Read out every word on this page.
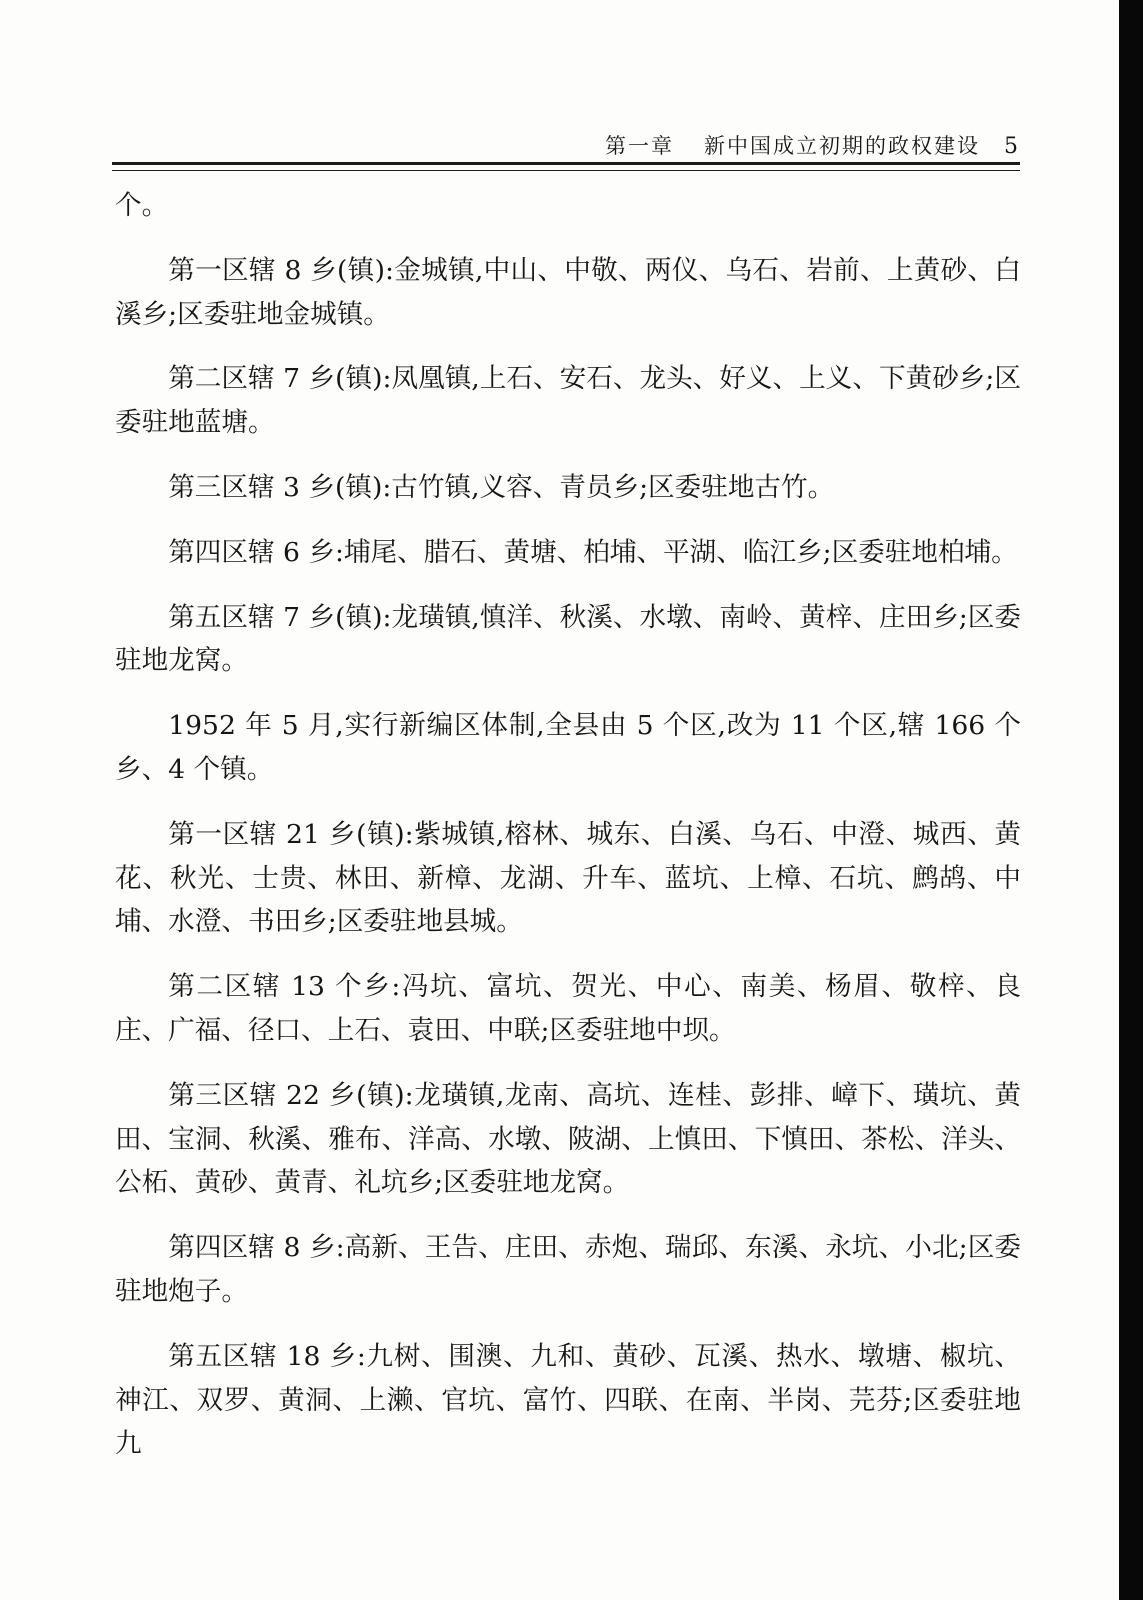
第一章 新中国成立初期的政权建设 5

个。

第一区辖 8 乡(镇):金城镇,中山、中敬、两仪、乌石、岩前、上黄砂、白溪乡;区委驻地金城镇。

第二区辖 7 乡(镇):凤凰镇,上石、安石、龙头、好义、上义、下黄砂乡;区委驻地蓝塘。

第三区辖 3 乡(镇):古竹镇,义容、青员乡;区委驻地古竹。

第四区辖 6 乡:埔尾、腊石、黄塘、柏埔、平湖、临江乡;区委驻地柏埔。

第五区辖 7 乡(镇):龙璜镇,慎洋、秋溪、水墩、南岭、黄梓、庄田乡;区委驻地龙窝。

1952 年 5 月,实行新编区体制,全县由 5 个区,改为 11 个区,辖 166 个乡、4 个镇。

第一区辖 21 乡(镇):紫城镇,榕林、城东、白溪、乌石、中澄、城西、黄花、秋光、士贵、林田、新樟、龙湖、升车、蓝坑、上樟、石坑、鹧鸪、中埔、水澄、书田乡;区委驻地县城。

第二区辖 13 个乡:冯坑、富坑、贺光、中心、南美、杨眉、敬梓、良庄、广福、径口、上石、袁田、中联;区委驻地中坝。

第三区辖 22 乡(镇):龙璜镇,龙南、高坑、连桂、彭排、嶂下、璜坑、黄田、宝洞、秋溪、雅布、洋高、水墩、陂湖、上慎田、下慎田、茶松、洋头、公柘、黄砂、黄青、礼坑乡;区委驻地龙窝。

第四区辖 8 乡:高新、王告、庄田、赤炮、瑞邱、东溪、永坑、小北;区委驻地炮子。

第五区辖 18 乡:九树、围澳、九和、黄砂、瓦溪、热水、墩塘、椒坑、神江、双罗、黄洞、上濑、官坑、富竹、四联、在南、半岗、芫芬;区委驻地九
